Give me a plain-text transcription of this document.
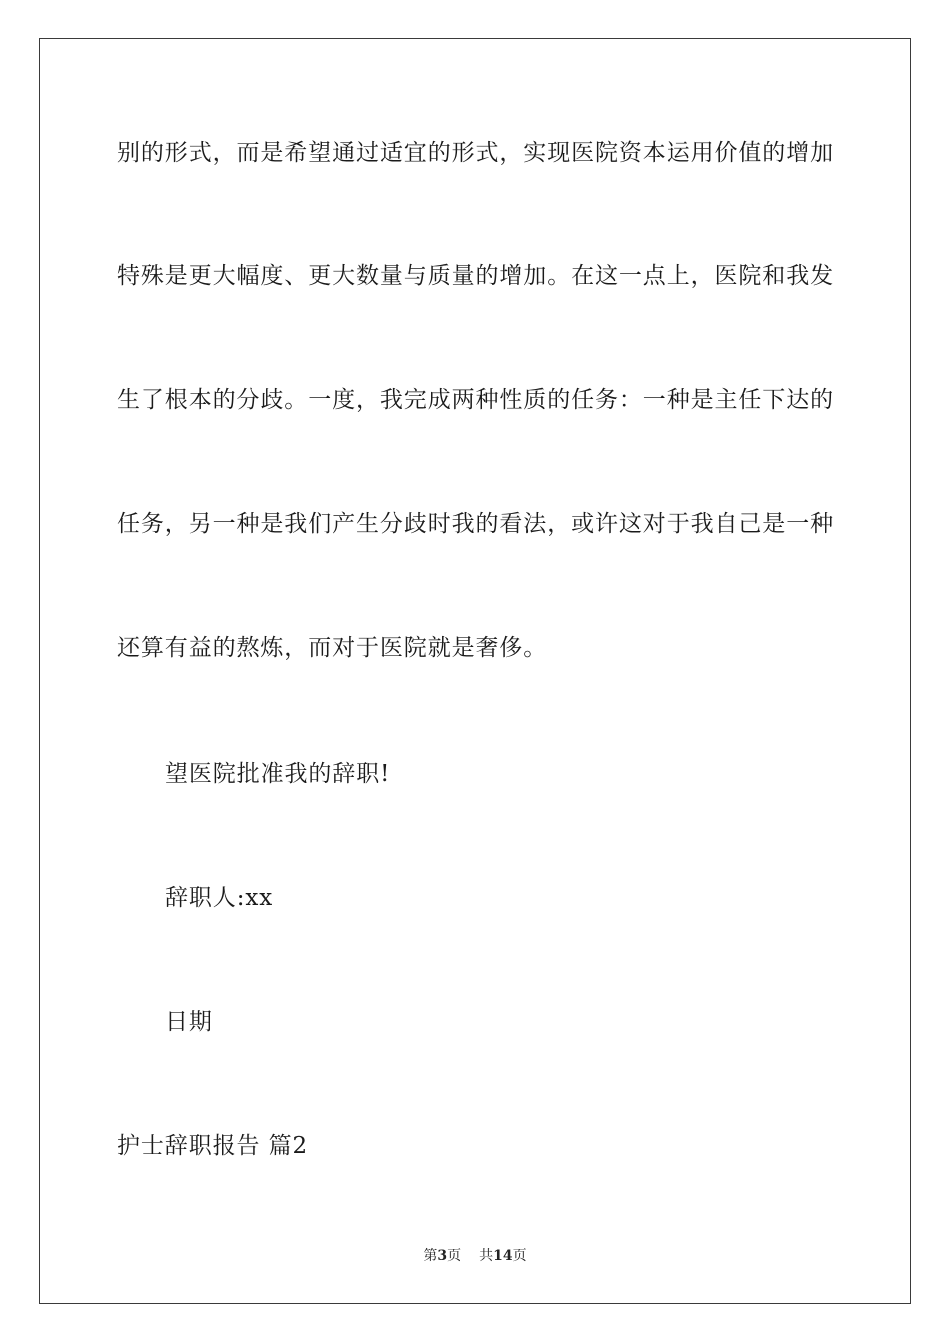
别的形式，而是希望通过适宜的形式，实现医院资本运用价值的增加
特殊是更大幅度、更大数量与质量的增加。在这一点上，医院和我发
生了根本的分歧。一度，我完成两种性质的任务：一种是主任下达的
任务，另一种是我们产生分歧时我的看法，或许这对于我自己是一种
还算有益的熬炼，而对于医院就是奢侈。
望医院批准我的辞职!
辞职人:xx
日期
护士辞职报告 篇2
第3页 共14页
